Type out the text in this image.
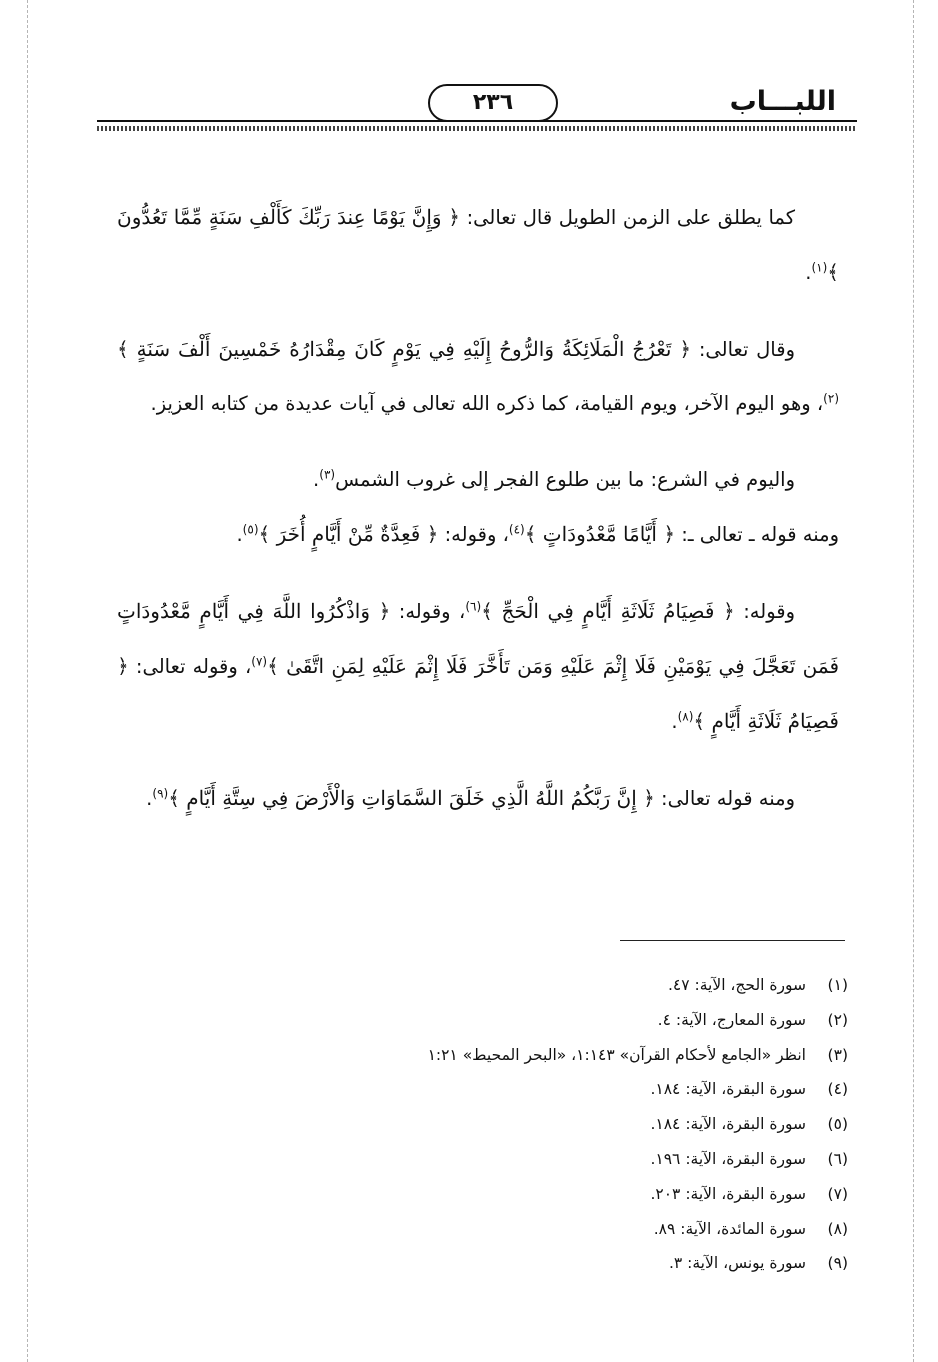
اللبـــاب
٢٣٦

كما يطلق على الزمن الطويل قال تعالى: ﴿ وَإِنَّ يَوْمًا عِندَ رَبِّكَ كَأَلْفِ سَنَةٍ مِّمَّا تَعُدُّونَ ﴾$^{(١)}$.

وقال تعالى: ﴿ تَعْرُجُ الْمَلَائِكَةُ وَالرُّوحُ إِلَيْهِ فِي يَوْمٍ كَانَ مِقْدَارُهُ خَمْسِينَ أَلْفَ سَنَةٍ ﴾$^{(٢)}$، وهو اليوم الآخر، ويوم القيامة، كما ذكره الله تعالى في آيات عديدة من كتابه العزيز.

واليوم في الشرع: ما بين طلوع الفجر إلى غروب الشمس$^{(٣)}$.

ومنه قوله ـ تعالى ـ: ﴿ أَيَّامًا مَّعْدُودَاتٍ ﴾$^{(٤)}$، وقوله: ﴿ فَعِدَّةٌ مِّنْ أَيَّامٍ أُخَرَ ﴾$^{(٥)}$.

وقوله: ﴿ فَصِيَامُ ثَلَاثَةِ أَيَّامٍ فِي الْحَجِّ ﴾$^{(٦)}$، وقوله: ﴿ وَاذْكُرُوا اللَّهَ فِي أَيَّامٍ مَّعْدُودَاتٍ فَمَن تَعَجَّلَ فِي يَوْمَيْنِ فَلَا إِثْمَ عَلَيْهِ وَمَن تَأَخَّرَ فَلَا إِثْمَ عَلَيْهِ لِمَنِ اتَّقَىٰ ﴾$^{(٧)}$، وقوله تعالى: ﴿ فَصِيَامُ ثَلَاثَةِ أَيَّامٍ ﴾$^{(٨)}$.

ومنه قوله تعالى: ﴿ إِنَّ رَبَّكُمُ اللَّهُ الَّذِي خَلَقَ السَّمَاوَاتِ وَالْأَرْضَ فِي سِتَّةِ أَيَّامٍ ﴾$^{(٩)}$.

(١)سورة الحج، الآية: ٤٧.
(٢)سورة المعارج، الآية: ٤.
(٣)انظر «الجامع لأحكام القرآن» ١:١٤٣، «البحر المحيط» ١:٢١
(٤)سورة البقرة، الآية: ١٨٤.
(٥)سورة البقرة، الآية: ١٨٤.
(٦)سورة البقرة، الآية: ١٩٦.
(٧)سورة البقرة، الآية: ٢٠٣.
(٨)سورة المائدة، الآية: ٨٩.
(٩)سورة يونس، الآية: ٣.
